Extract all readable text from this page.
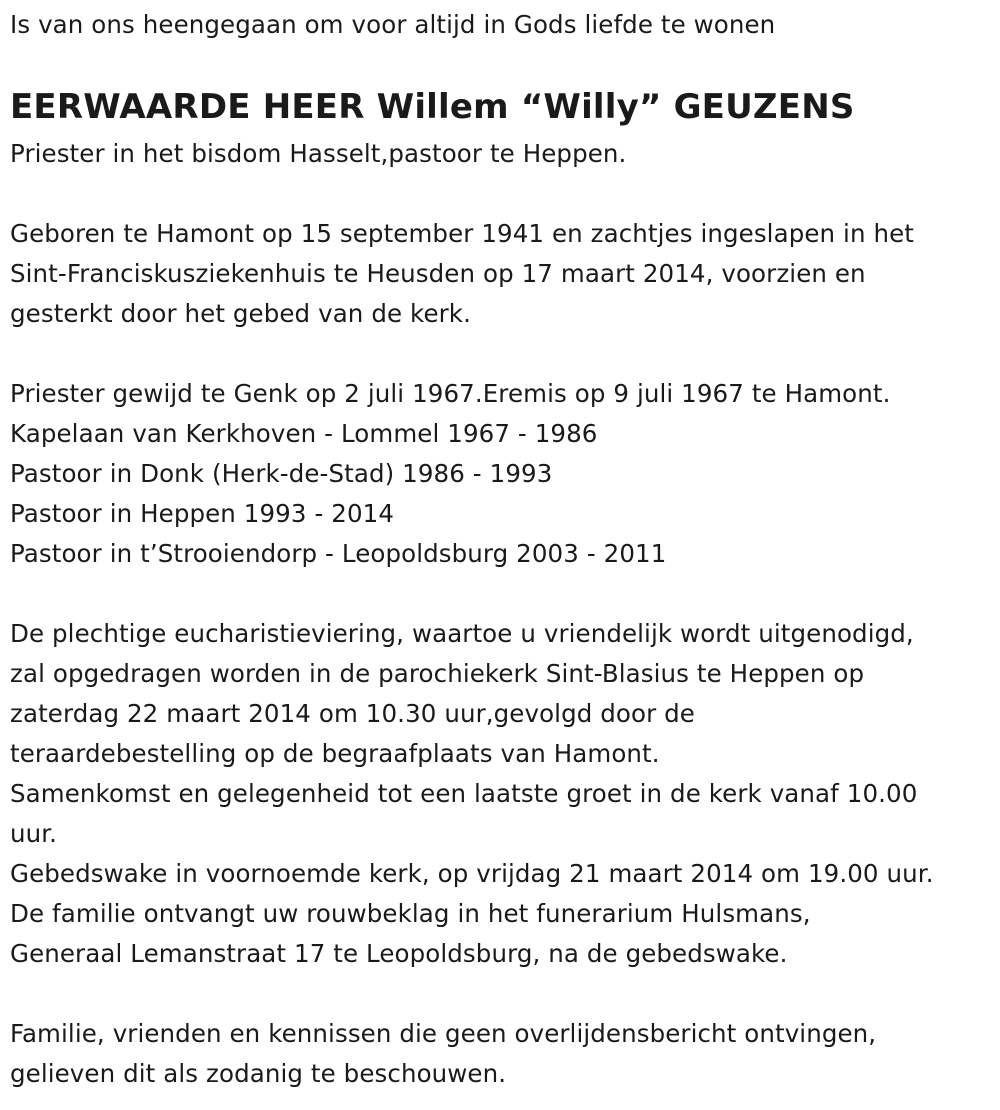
Is van ons heengegaan om voor altijd in Gods liefde te wonen
EERWAARDE HEER Willem “Willy” GEUZENS
Priester in het bisdom Hasselt,pastoor te Heppen.
Geboren te Hamont op 15 september 1941 en zachtjes ingeslapen in het
Sint-Franciskusziekenhuis te Heusden op 17 maart 2014, voorzien en
gesterkt door het gebed van de kerk.
Priester gewijd te Genk op 2 juli 1967.Eremis op 9 juli 1967 te Hamont.
Kapelaan van Kerkhoven - Lommel 1967 - 1986
Pastoor in Donk (Herk-de-Stad) 1986 - 1993
Pastoor in Heppen 1993 - 2014
Pastoor in t’Strooiendorp - Leopoldsburg 2003 - 2011
De plechtige eucharistieviering, waartoe u vriendelijk wordt uitgenodigd,
zal opgedragen worden in de parochiekerk Sint-Blasius te Heppen op
zaterdag 22 maart 2014 om 10.30 uur,gevolgd door de
teraardebestelling op de begraafplaats van Hamont.
Samenkomst en gelegenheid tot een laatste groet in de kerk vanaf 10.00
uur.
Gebedswake in voornoemde kerk, op vrijdag 21 maart 2014 om 19.00 uur.
De familie ontvangt uw rouwbeklag in het funerarium Hulsmans,
Generaal Lemanstraat 17 te Leopoldsburg, na de gebedswake.
Familie, vrienden en kennissen die geen overlijdensbericht ontvingen,
gelieven dit als zodanig te beschouwen.
